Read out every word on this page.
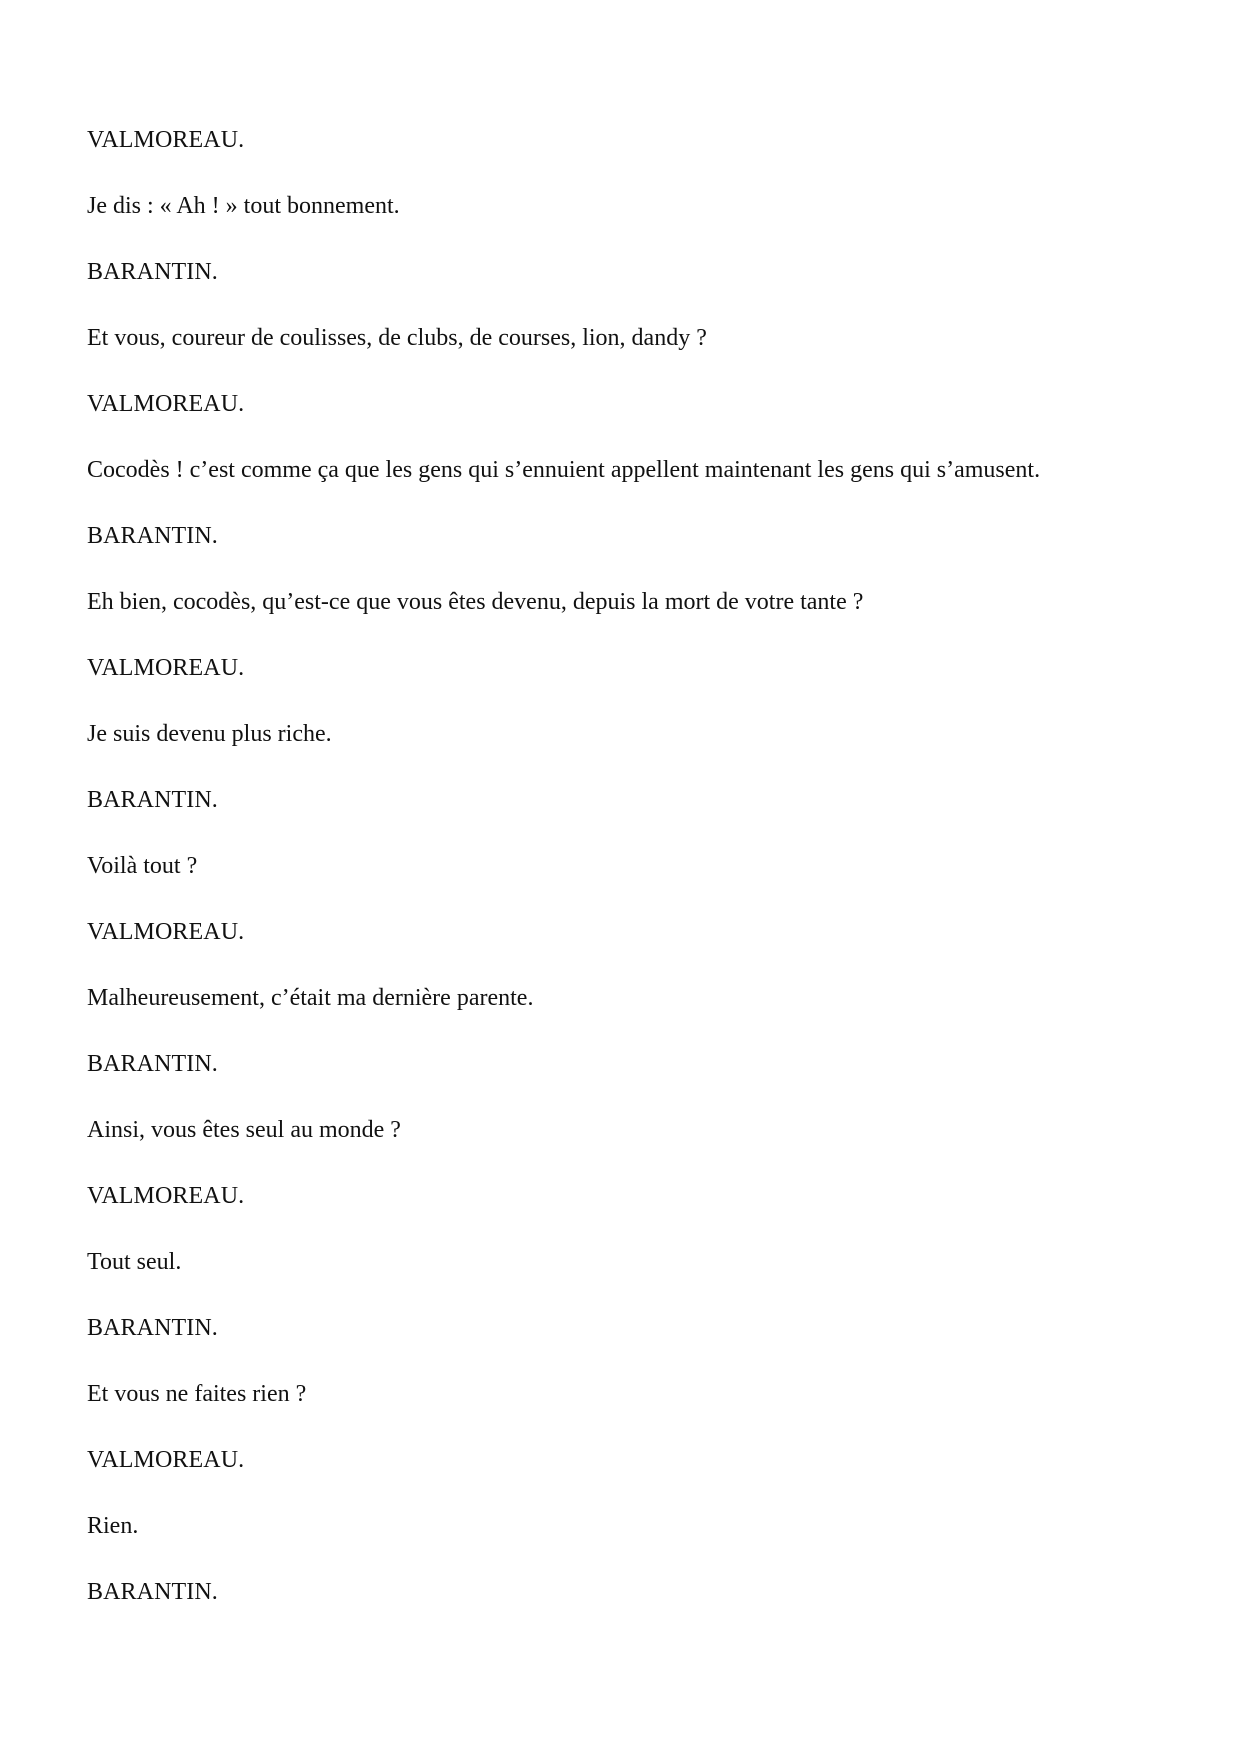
VALMOREAU.
Je dis : « Ah ! » tout bonnement.
BARANTIN.
Et vous, coureur de coulisses, de clubs, de courses, lion, dandy ?
VALMOREAU.
Cocodès ! c’est comme ça que les gens qui s’ennuient appellent maintenant les gens qui s’amusent.
BARANTIN.
Eh bien, cocodès, qu’est-ce que vous êtes devenu, depuis la mort de votre tante ?
VALMOREAU.
Je suis devenu plus riche.
BARANTIN.
Voilà tout ?
VALMOREAU.
Malheureusement, c’était ma dernière parente.
BARANTIN.
Ainsi, vous êtes seul au monde ?
VALMOREAU.
Tout seul.
BARANTIN.
Et vous ne faites rien ?
VALMOREAU.
Rien.
BARANTIN.
